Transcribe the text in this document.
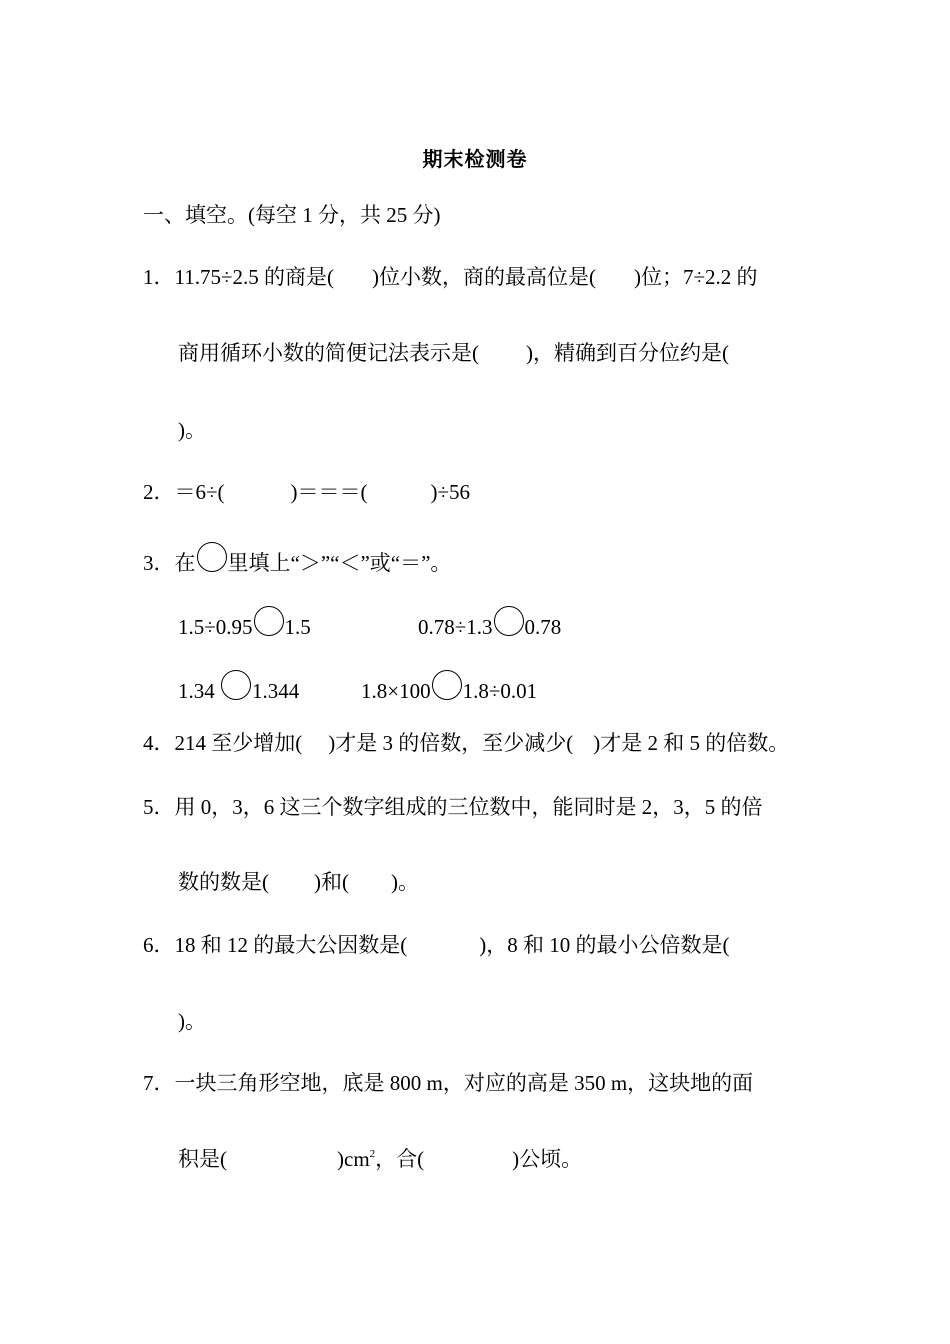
期末检测卷
一、填空。(每空 1 分，共 25 分)
1．11.75÷2.5 的商是( )位小数，商的最高位是( )位；7÷2.2 的
商用循环小数的简便记法表示是( )，精确到百分位约是(
)。
2．＝6÷(	)＝＝＝(	)÷56
3．在 里填上“＞”“＜”或“＝”。
1.5÷0.95 1.5	0.78÷1.3 0.78
1.34 1.344	1.8×100 1.8÷0.01
4．214 至少增加( )才是 3 的倍数，至少减少( )才是 2 和 5 的倍数。
5．用 0，3，6 这三个数字组成的三位数中，能同时是 2，3，5 的倍
数的数是( )和( )。
6．18 和 12 的最大公因数是(	)，8 和 10 的最小公倍数是(
)。
7．一块三角形空地，底是 800 m，对应的高是 350 m，这块地的面
积是(	)$cm^2$，合(	)公顷。
